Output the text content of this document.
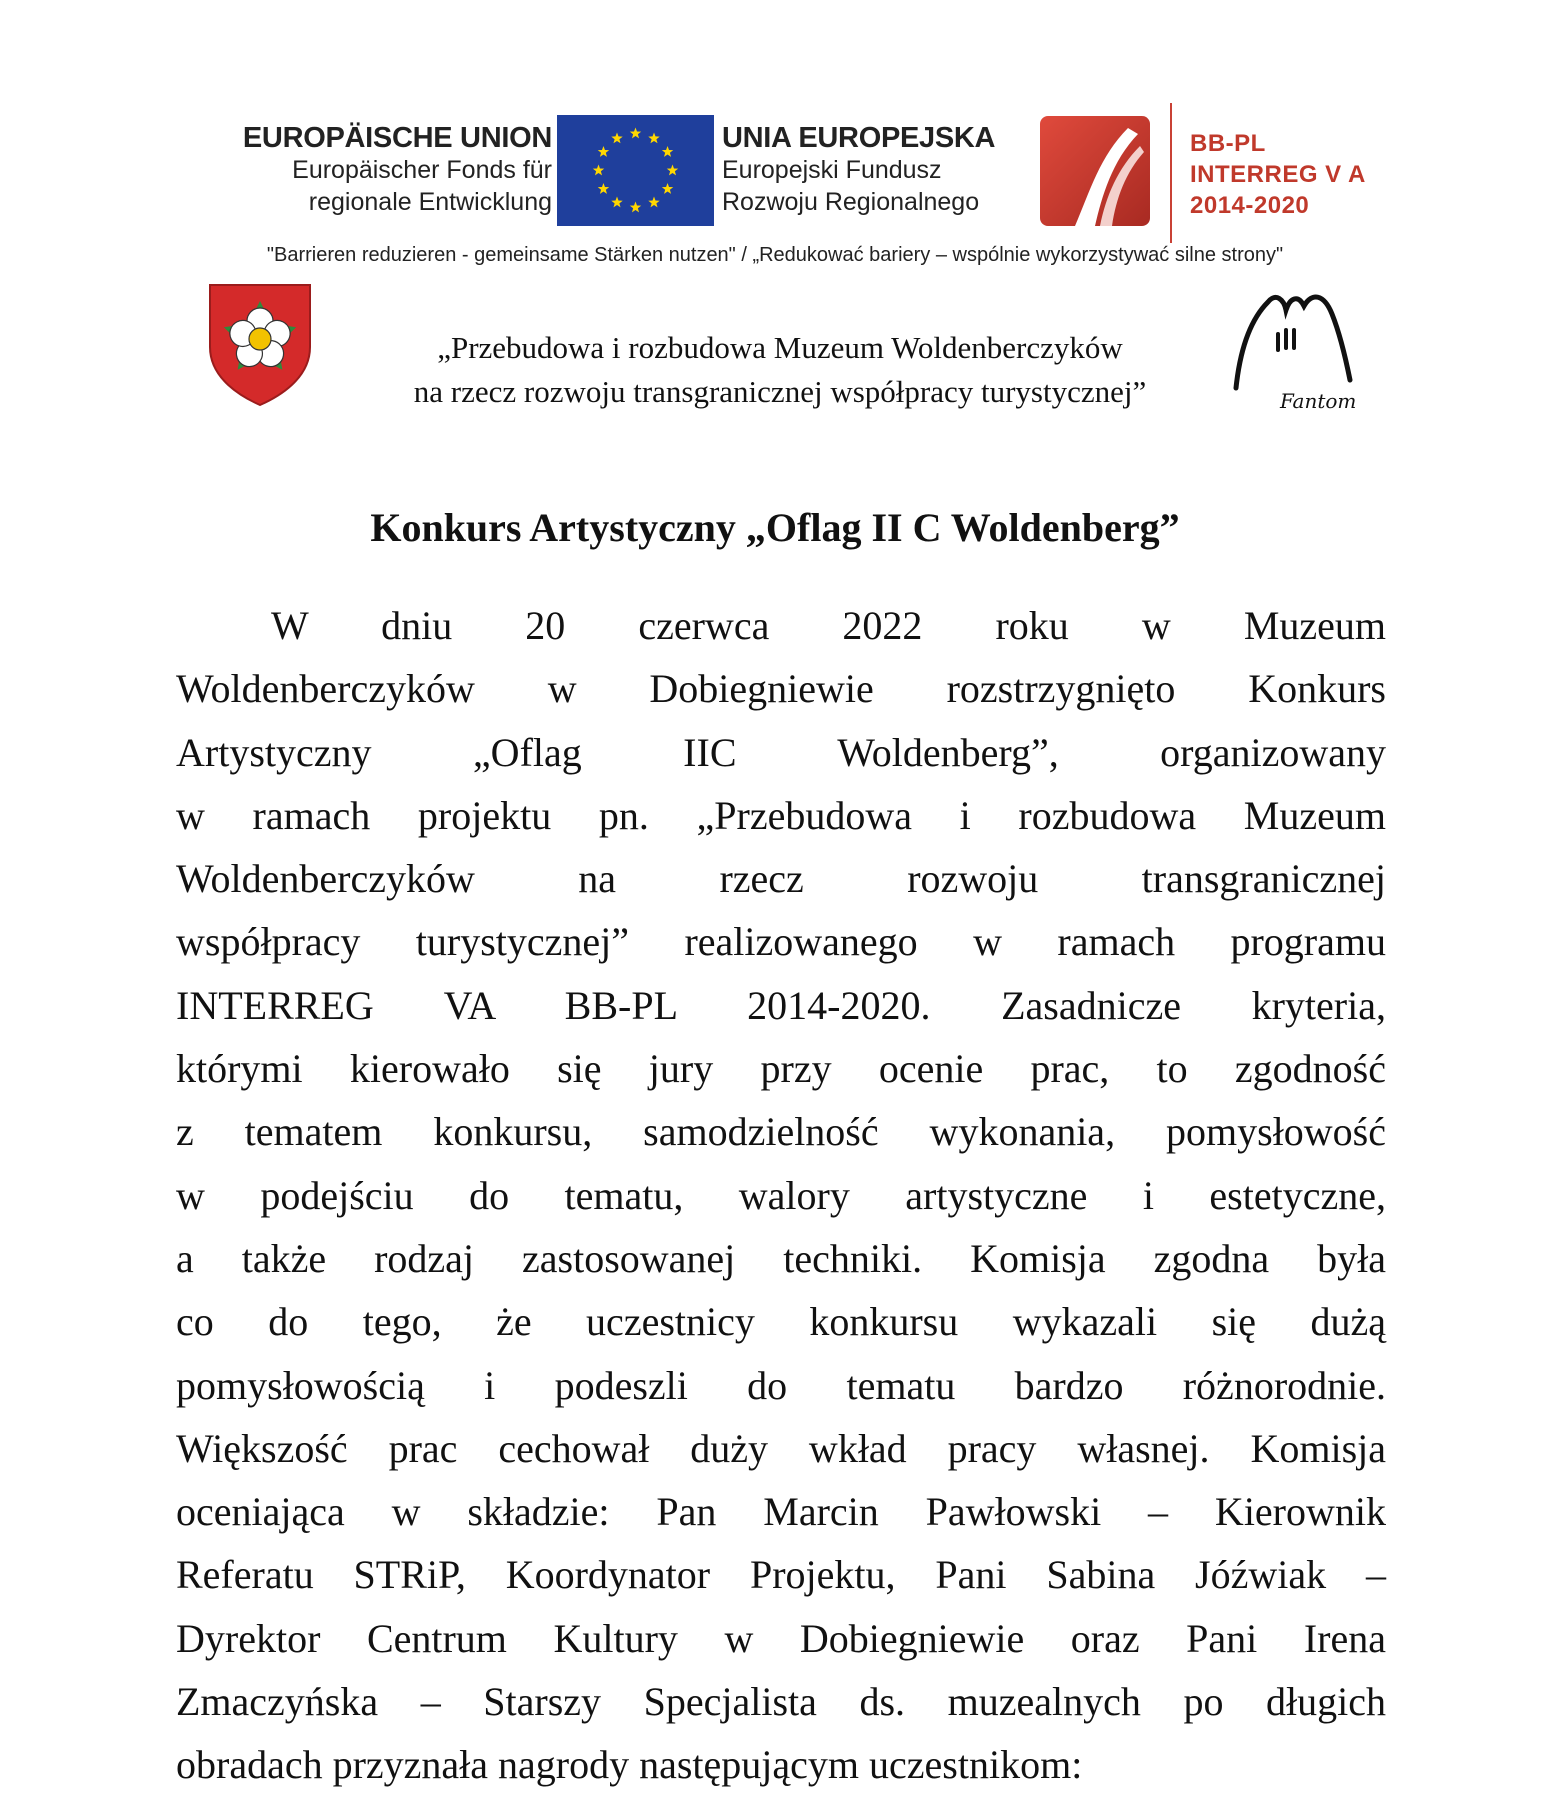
EUROPÄISCHE UNION
Europäischer Fonds für
regionale Entwicklung
UNIA EUROPEJSKA
Europejski Fundusz
Rozwoju Regionalnego
BB-PL
INTERREG V A
2014-2020
"Barrieren reduzieren - gemeinsame Stärken nutzen" / „Redukować bariery – wspólnie wykorzystywać silne strony"
„Przebudowa i rozbudowa Muzeum Woldenberczyków
na rzecz rozwoju transgranicznej współpracy turystycznej”	Fantom
Konkurs Artystyczny „Oflag II C Woldenberg”
W dniu 20 czerwca 2022 roku w Muzeum
Woldenberczyków w Dobiegniewie rozstrzygnięto Konkurs
Artystyczny „Oflag IIC Woldenberg”, organizowany
w ramach projektu pn. „Przebudowa i rozbudowa Muzeum
Woldenberczyków na rzecz rozwoju transgranicznej
współpracy turystycznej” realizowanego w ramach programu
INTERREG VA BB-PL 2014-2020. Zasadnicze kryteria,
którymi kierowało się jury przy ocenie prac, to zgodność
z tematem konkursu, samodzielność wykonania, pomysłowość
w podejściu do tematu, walory artystyczne i estetyczne,
a także rodzaj zastosowanej techniki. Komisja zgodna była
co do tego, że uczestnicy konkursu wykazali się dużą
pomysłowością i podeszli do tematu bardzo różnorodnie.
Większość prac cechował duży wkład pracy własnej. Komisja
oceniająca w składzie: Pan Marcin Pawłowski – Kierownik
Referatu STRiP, Koordynator Projektu, Pani Sabina Jóźwiak –
Dyrektor Centrum Kultury w Dobiegniewie oraz Pani Irena
Zmaczyńska – Starszy Specjalista ds. muzealnych po długich
obradach przyznała nagrody następującym uczestnikom:
